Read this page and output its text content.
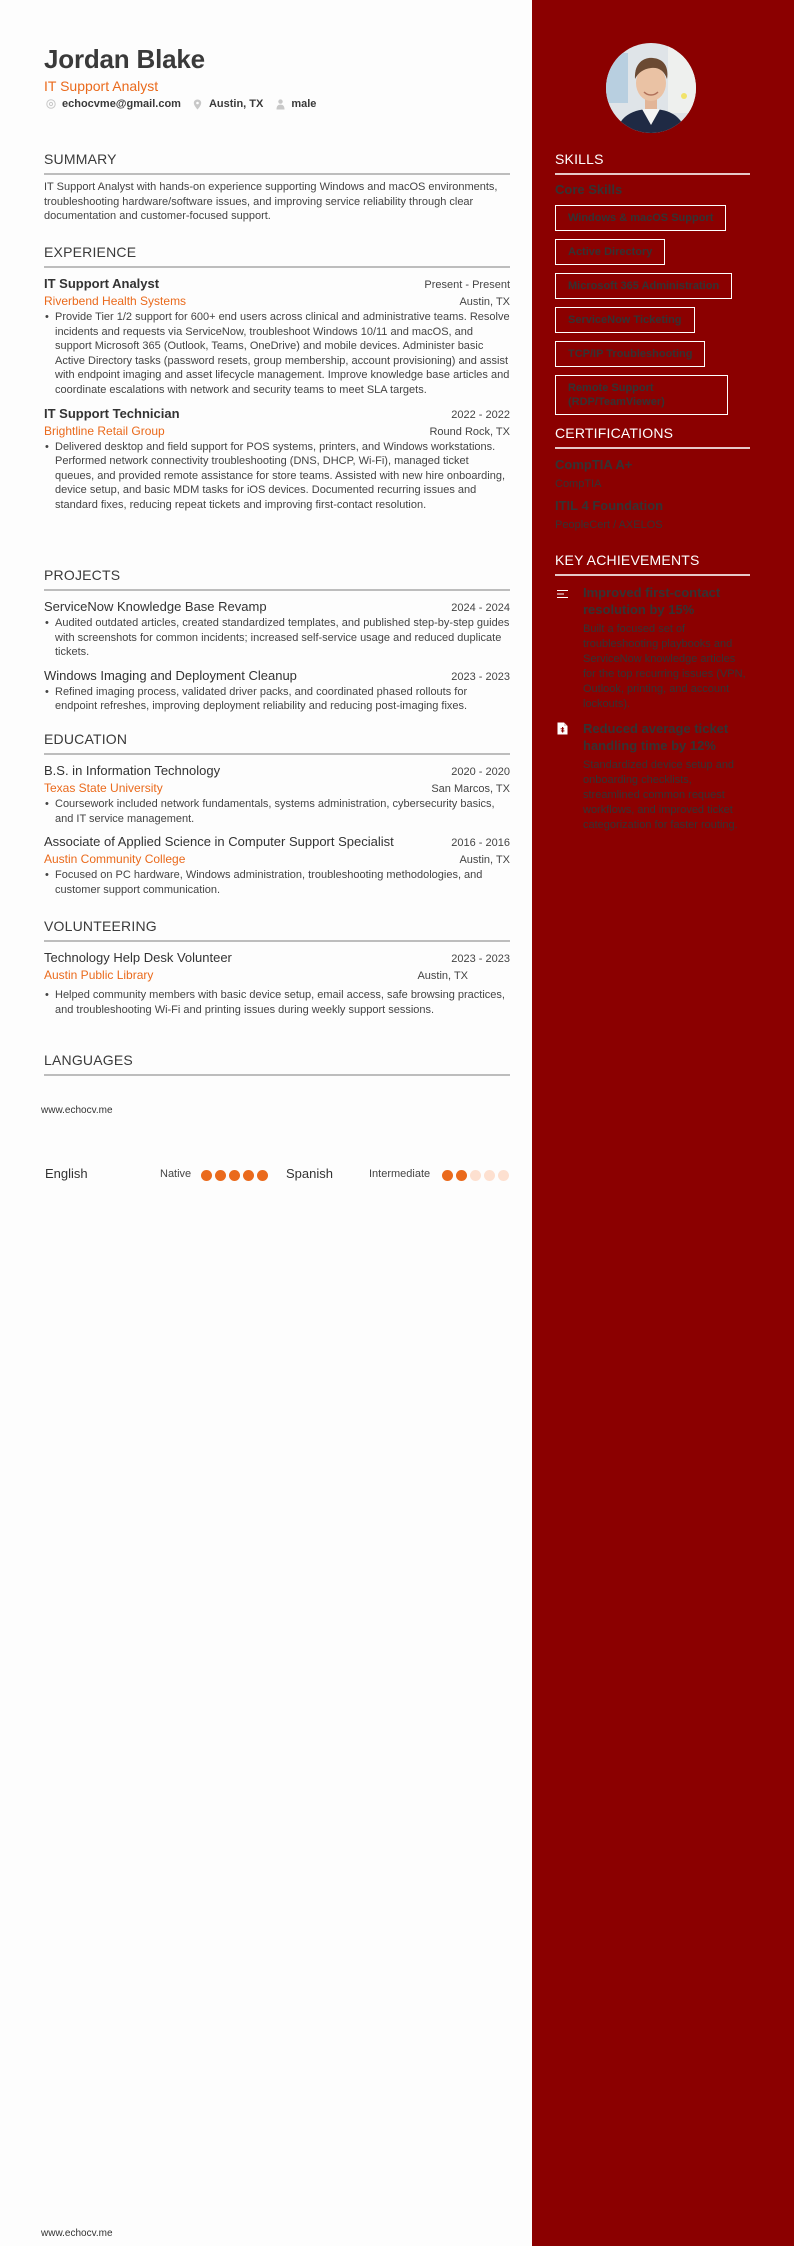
Jordan Blake
IT Support Analyst
echocvme@gmail.com	Austin, TX	male
SUMMARY
IT Support Analyst with hands-on experience supporting Windows and macOS environments, troubleshooting hardware/software issues, and improving service reliability through clear documentation and customer-focused support.
EXPERIENCE
IT Support Analyst	Present - Present
Riverbend Health Systems	Austin, TX
• Provide Tier 1/2 support for 600+ end users across clinical and administrative teams. Resolve incidents and requests via ServiceNow, troubleshoot Windows 10/11 and macOS, and support Microsoft 365 (Outlook, Teams, OneDrive) and mobile devices. Administer basic Active Directory tasks (password resets, group membership, account provisioning) and assist with endpoint imaging and asset lifecycle management. Improve knowledge base articles and coordinate escalations with network and security teams to meet SLA targets.
IT Support Technician	2022 - 2022
Brightline Retail Group	Round Rock, TX
• Delivered desktop and field support for POS systems, printers, and Windows workstations. Performed network connectivity troubleshooting (DNS, DHCP, Wi-Fi), managed ticket queues, and provided remote assistance for store teams. Assisted with new hire onboarding, device setup, and basic MDM tasks for iOS devices. Documented recurring issues and standard fixes, reducing repeat tickets and improving first-contact resolution.
PROJECTS
ServiceNow Knowledge Base Revamp	2024 - 2024
• Audited outdated articles, created standardized templates, and published step-by-step guides with screenshots for common incidents; increased self-service usage and reduced duplicate tickets.
Windows Imaging and Deployment Cleanup	2023 - 2023
• Refined imaging process, validated driver packs, and coordinated phased rollouts for endpoint refreshes, improving deployment reliability and reducing post-imaging fixes.
EDUCATION
B.S. in Information Technology	2020 - 2020
Texas State University	San Marcos, TX
• Coursework included network fundamentals, systems administration, cybersecurity basics, and IT service management.
Associate of Applied Science in Computer Support Specialist	2016 - 2016
Austin Community College	Austin, TX
• Focused on PC hardware, Windows administration, troubleshooting methodologies, and customer support communication.
VOLUNTEERING
Technology Help Desk Volunteer	2023 - 2023
Austin Public Library	Austin, TX
• Helped community members with basic device setup, email access, safe browsing practices, and troubleshooting Wi-Fi and printing issues during weekly support sessions.
LANGUAGES
www.echocv.me
English	Native	Spanish	Intermediate
www.echocv.me
SKILLS
Core Skills
Windows & macOS Support
Active Directory
Microsoft 365 Administration
ServiceNow Ticketing
TCP/IP Troubleshooting
Remote Support (RDP/TeamViewer)
CERTIFICATIONS
CompTIA A+
CompTIA
ITIL 4 Foundation
PeopleCert / AXELOS
KEY ACHIEVEMENTS
Improved first-contact resolution by 15%
Built a focused set of troubleshooting playbooks and ServiceNow knowledge articles for the top recurring issues (VPN, Outlook, printing, and account lockouts).
Reduced average ticket handling time by 12%
Standardized device setup and onboarding checklists, streamlined common request workflows, and improved ticket categorization for faster routing.
